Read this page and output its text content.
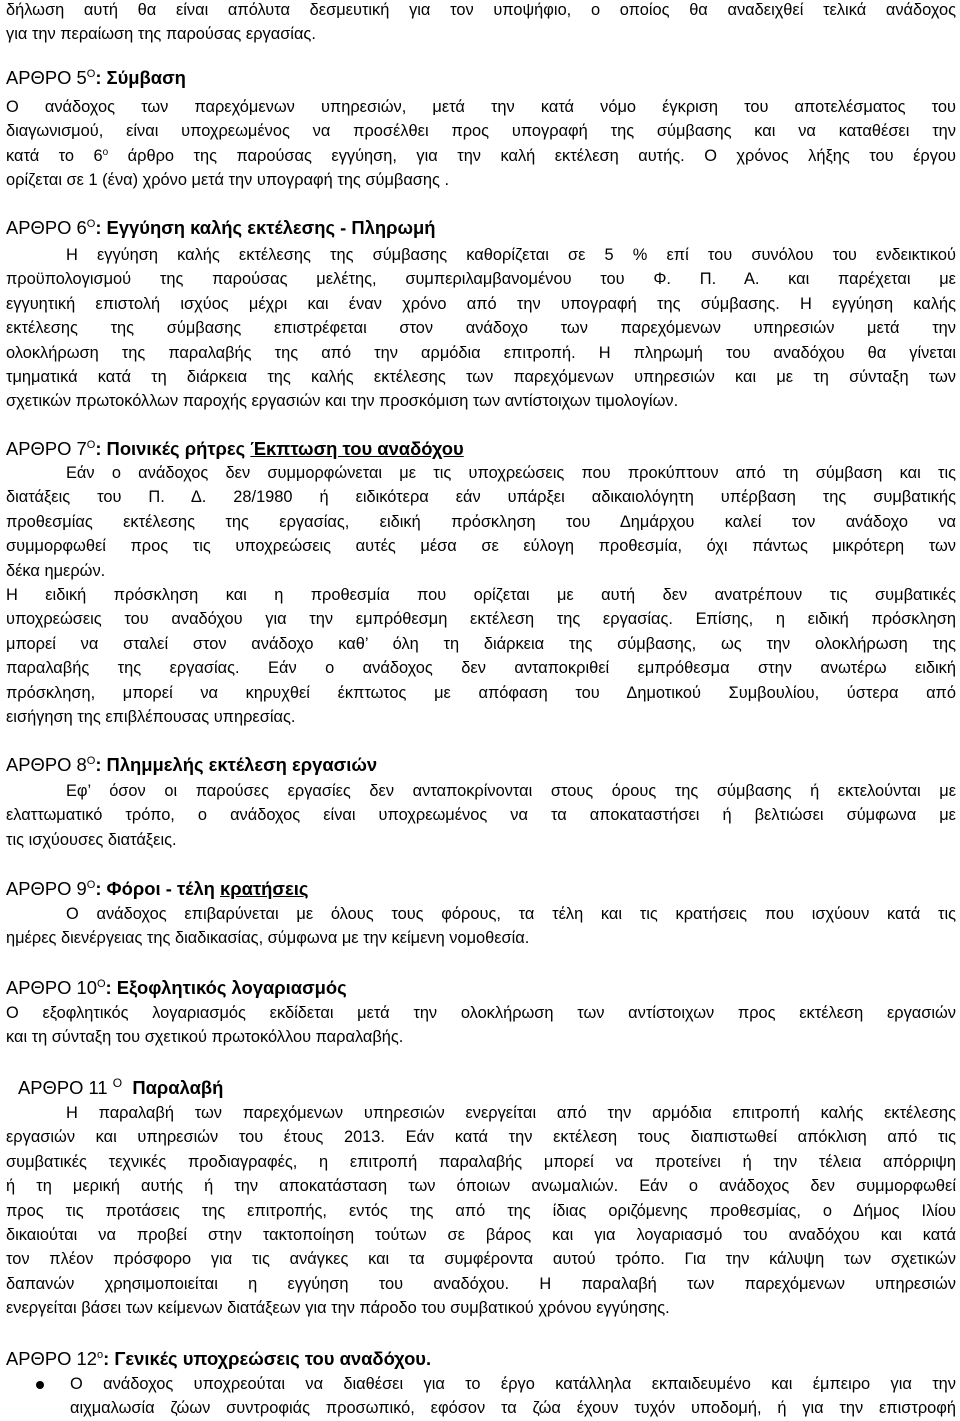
δήλωση αυτή θα είναι απόλυτα δεσμευτική για τον υποψήφιο, ο οποίος θα αναδειχθεί τελικά ανάδοχος
για την περαίωση της παρούσας εργασίας.
ΑΡΘΡΟ $5^O$: Σύμβαση
Ο ανάδοχος των παρεχόμενων υπηρεσιών, μετά την κατά νόμο έγκριση του αποτελέσματος του
διαγωνισμού, είναι υποχρεωμένος να προσέλθει προς υπογραφή της σύμβασης και να καταθέσει την
κατά το $6^o$ άρθρο της παρούσας εγγύηση, για την καλή εκτέλεση αυτής. Ο χρόνος λήξης του έργου
ορίζεται σε 1 (ένα) χρόνο μετά την υπογραφή της σύμβασης .
ΑΡΘΡΟ $6^O$: Εγγύηση καλής εκτέλεσης - Πληρωμή
Η εγγύηση καλής εκτέλεσης της σύμβασης καθορίζεται σε 5 % επί του συνόλου του ενδεικτικού
προϋπολογισμού της παρούσας μελέτης, συμπεριλαμβανομένου του Φ. Π. Α. και παρέχεται με
εγγυητική επιστολή ισχύος μέχρι και έναν χρόνο από την υπογραφή της σύμβασης. Η εγγύηση καλής
εκτέλεσης της σύμβασης επιστρέφεται στον ανάδοχο των παρεχόμενων υπηρεσιών μετά την
ολοκλήρωση της παραλαβής της από την αρμόδια επιτροπή. Η πληρωμή του αναδόχου θα γίνεται
τμηματικά κατά τη διάρκεια της καλής εκτέλεσης των παρεχόμενων υπηρεσιών και με τη σύνταξη των
σχετικών πρωτοκόλλων παροχής εργασιών και την προσκόμιση των αντίστοιχων τιμολογίων.
ΑΡΘΡΟ $7^O$: Ποινικές ρήτρες Έκπτωση του αναδόχου
Εάν ο ανάδοχος δεν συμμορφώνεται με τις υποχρεώσεις που προκύπτουν από τη σύμβαση και τις
διατάξεις του Π. Δ. 28/1980 ή ειδικότερα εάν υπάρξει αδικαιολόγητη υπέρβαση της συμβατικής
προθεσμίας εκτέλεσης της εργασίας, ειδική πρόσκληση του Δημάρχου καλεί τον ανάδοχο να
συμμορφωθεί προς τις υποχρεώσεις αυτές μέσα σε εύλογη προθεσμία, όχι πάντως μικρότερη των
δέκα ημερών.
Η ειδική πρόσκληση και η προθεσμία που ορίζεται με αυτή δεν ανατρέπουν τις συμβατικές
υποχρεώσεις του αναδόχου για την εμπρόθεσμη εκτέλεση της εργασίας. Επίσης, η ειδική πρόσκληση
μπορεί να σταλεί στον ανάδοχο καθ’ όλη τη διάρκεια της σύμβασης, ως την ολοκλήρωση της
παραλαβής της εργασίας. Εάν ο ανάδοχος δεν ανταποκριθεί εμπρόθεσμα στην ανωτέρω ειδική
πρόσκληση, μπορεί να κηρυχθεί έκπτωτος με απόφαση του Δημοτικού Συμβουλίου, ύστερα από
εισήγηση της επιβλέπουσας υπηρεσίας.
ΑΡΘΡΟ $8^O$: Πλημμελής εκτέλεση εργασιών
Εφ’ όσον οι παρούσες εργασίες δεν ανταποκρίνονται στους όρους της σύμβασης ή εκτελούνται με
ελαττωματικό τρόπο, ο ανάδοχος είναι υποχρεωμένος να τα αποκαταστήσει ή βελτιώσει σύμφωνα με
τις ισχύουσες διατάξεις.
ΑΡΘΡΟ $9^O$: Φόροι - τέλη κρατήσεις
Ο ανάδοχος επιβαρύνεται με όλους τους φόρους, τα τέλη και τις κρατήσεις που ισχύουν κατά τις
ημέρες διενέργειας της διαδικασίας, σύμφωνα με την κείμενη νομοθεσία.
ΑΡΘΡΟ $10^O$: Εξοφλητικός λογαριασμός
Ο εξοφλητικός λογαριασμός εκδίδεται μετά την ολοκλήρωση των αντίστοιχων προς εκτέλεση εργασιών
και τη σύνταξη του σχετικού πρωτοκόλλου παραλαβής.
ΑΡΘΡΟ 11 $^O$ Παραλαβή
Η παραλαβή των παρεχόμενων υπηρεσιών ενεργείται από την αρμόδια επιτροπή καλής εκτέλεσης
εργασιών και υπηρεσιών του έτους 2013. Εάν κατά την εκτέλεση τους διαπιστωθεί απόκλιση από τις
συμβατικές τεχνικές προδιαγραφές, η επιτροπή παραλαβής μπορεί να προτείνει ή την τέλεια απόρριψη
ή τη μερική αυτής ή την αποκατάσταση των όποιων ανωμαλιών. Εάν ο ανάδοχος δεν συμμορφωθεί
προς τις προτάσεις της επιτροπής, εντός της από της ίδιας οριζόμενης προθεσμίας, ο Δήμος Ιλίου
δικαιούται να προβεί στην τακτοποίηση τούτων σε βάρος και για λογαριασμό του αναδόχου και κατά
τον πλέον πρόσφορο για τις ανάγκες και τα συμφέροντα αυτού τρόπο. Για την κάλυψη των σχετικών
δαπανών χρησιμοποιείται η εγγύηση του αναδόχου. Η παραλαβή των παρεχόμενων υπηρεσιών
ενεργείται βάσει των κείμενων διατάξεων για την πάροδο του συμβατικού χρόνου εγγύησης.
ΑΡΘΡΟ $12^o$: Γενικές υποχρεώσεις του αναδόχου.
Ο ανάδοχος υποχρεούται να διαθέσει για το έργο κατάλληλα εκπαιδευμένο και έμπειρο για την
αιχμαλωσία ζώων συντροφιάς προσωπικό, εφόσον τα ζώα έχουν τυχόν υποδομή, ή για την επιστροφή
